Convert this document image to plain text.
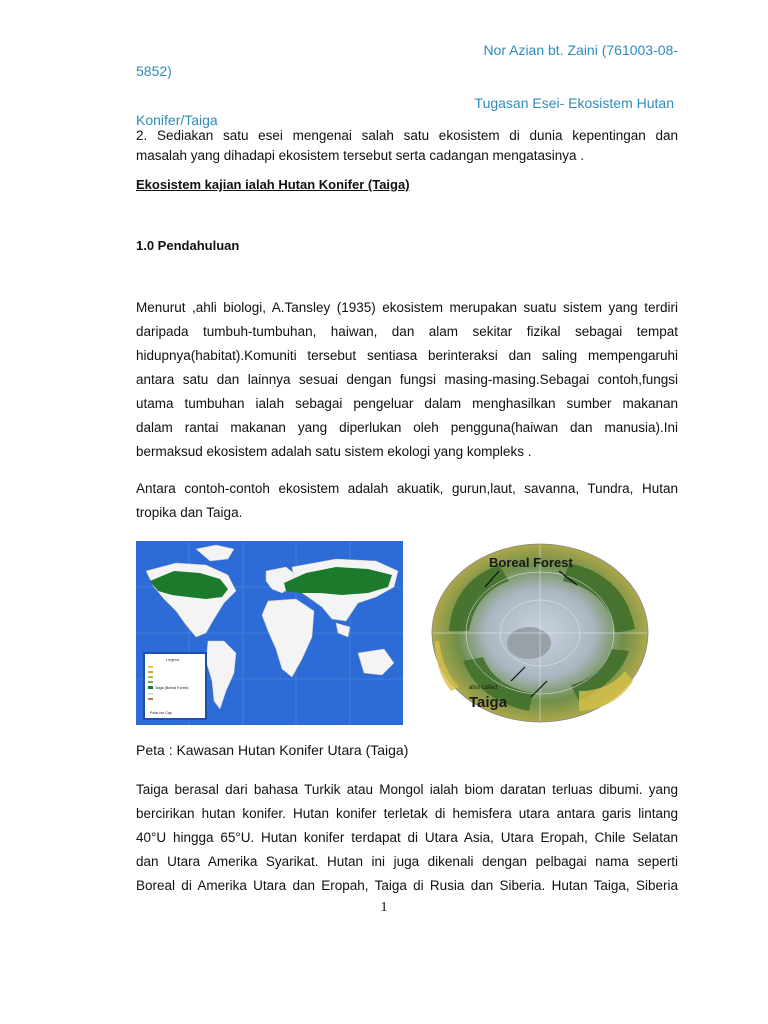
Nor Azian bt. Zaini (761003-08-
5852)
Tugasan Esei- Ekosistem Hutan
Konifer/Taiga
2. Sediakan satu esei mengenai salah satu ekosistem di dunia kepentingan dan
masalah yang dihadapi ekosistem tersebut serta cadangan mengatasinya .
Ekosistem kajian ialah Hutan Konifer (Taiga)
1.0 Pendahuluan
Menurut ,ahli biologi, A.Tansley (1935) ekosistem merupakan suatu sistem yang terdiri
daripada tumbuh-tumbuhan, haiwan, dan alam sekitar fizikal sebagai tempat
hidupnya(habitat).Komuniti tersebut sentiasa berinteraksi dan saling mempengaruhi
antara satu dan lainnya sesuai dengan fungsi masing-masing.Sebagai contoh,fungsi
utama tumbuhan ialah sebagai pengeluar dalam menghasilkan sumber makanan
dalam rantai makanan yang diperlukan oleh pengguna(haiwan dan manusia).Ini
bermaksud ekosistem adalah satu sistem ekologi yang kompleks .
Antara contoh-contoh ekosistem adalah akuatik, gurun,laut, savanna, Tundra, Hutan
tropika dan Taiga.
Legend
Taiga (Boreal Forest)
Polar Ice Cap
Boreal Forest
also called
Taiga
Peta : Kawasan Hutan Konifer Utara (Taiga)
Taiga berasal dari bahasa Turkik atau Mongol ialah biom daratan terluas dibumi. yang
bercirikan hutan konifer. Hutan konifer terletak di hemisfera utara antara garis lintang
40°U hingga 65°U. Hutan konifer terdapat di Utara Asia, Utara Eropah, Chile Selatan
dan Utara Amerika Syarikat. Hutan ini juga dikenali dengan pelbagai nama seperti
Boreal di Amerika Utara dan Eropah, Taiga di Rusia dan Siberia. Hutan Taiga, Siberia
1
